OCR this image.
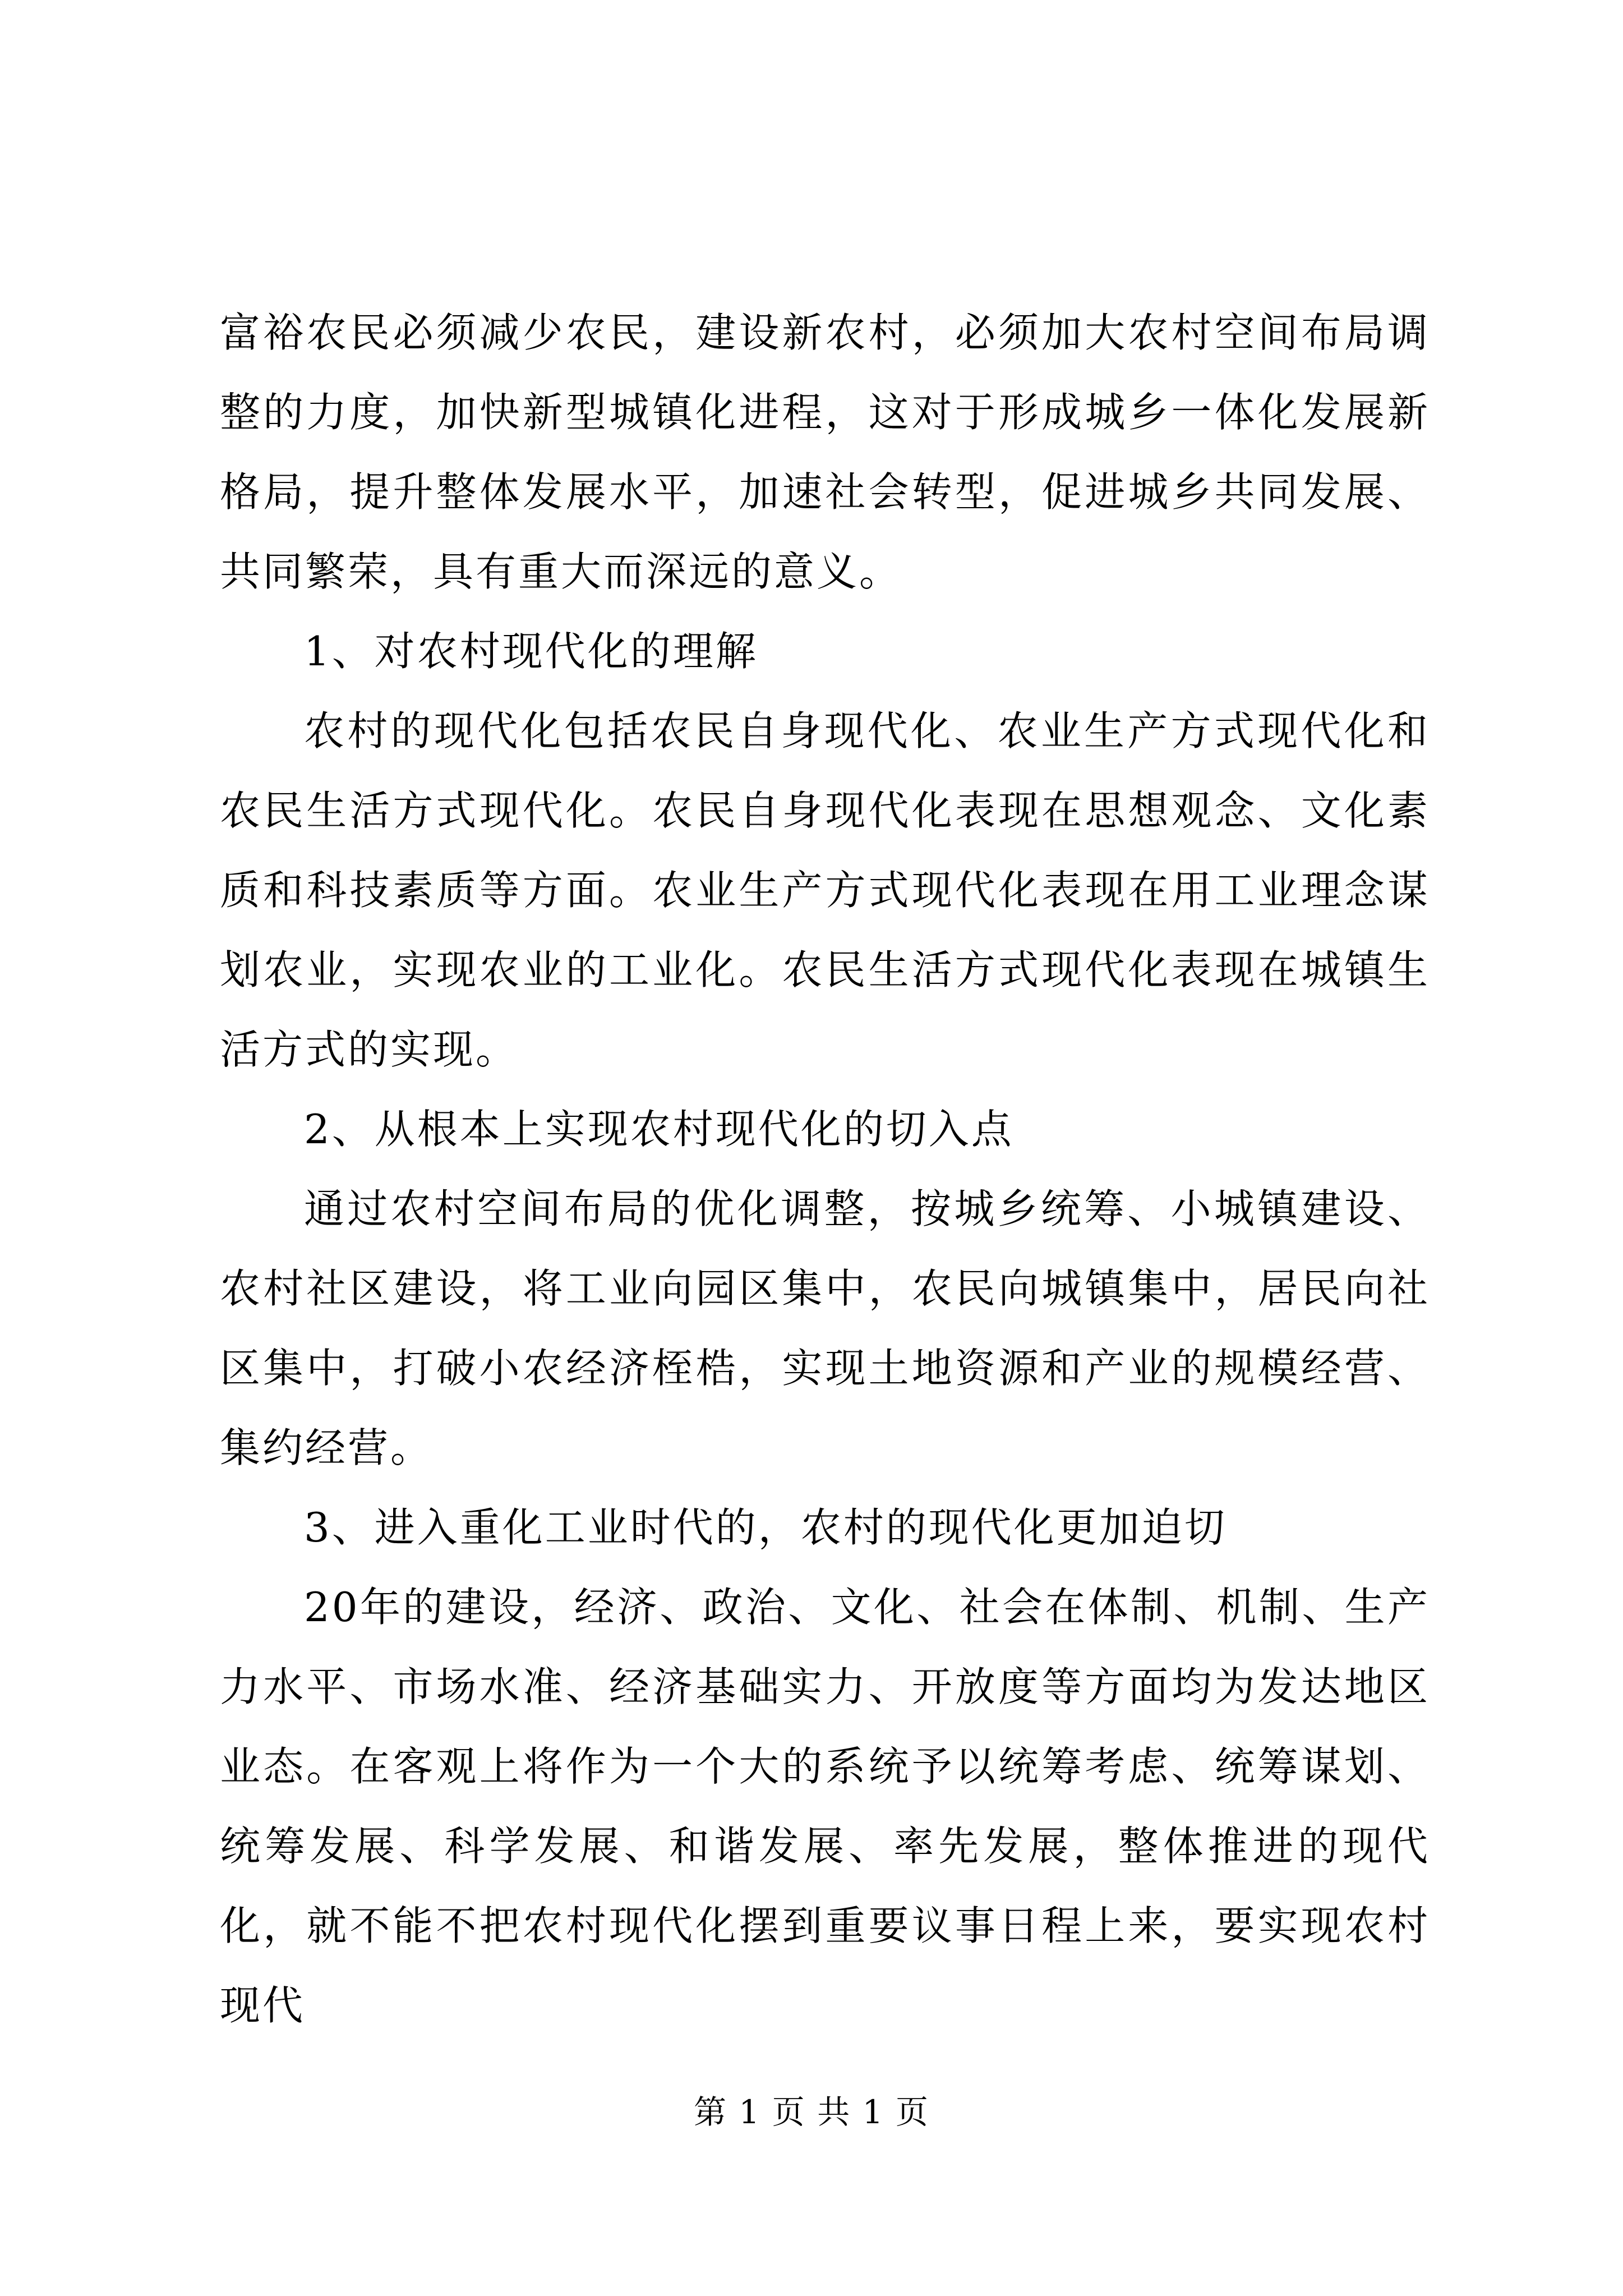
富裕农民必须减少农民，建设新农村，必须加大农村空间布局调整的力度，加快新型城镇化进程，这对于形成城乡一体化发展新格局，提升整体发展水平，加速社会转型，促进城乡共同发展、共同繁荣，具有重大而深远的意义。

1、对农村现代化的理解

农村的现代化包括农民自身现代化、农业生产方式现代化和农民生活方式现代化。农民自身现代化表现在思想观念、文化素质和科技素质等方面。农业生产方式现代化表现在用工业理念谋划农业，实现农业的工业化。农民生活方式现代化表现在城镇生活方式的实现。

2、从根本上实现农村现代化的切入点

通过农村空间布局的优化调整，按城乡统筹、小城镇建设、农村社区建设，将工业向园区集中，农民向城镇集中，居民向社区集中，打破小农经济桎梏，实现土地资源和产业的规模经营、集约经营。

3、进入重化工业时代的，农村的现代化更加迫切

20年的建设，经济、政治、文化、社会在体制、机制、生产力水平、市场水准、经济基础实力、开放度等方面均为发达地区业态。在客观上将作为一个大的系统予以统筹考虑、统筹谋划、统筹发展、科学发展、和谐发展、率先发展，整体推进的现代化，就不能不把农村现代化摆到重要议事日程上来，要实现农村现代

第 1 页 共 1 页
